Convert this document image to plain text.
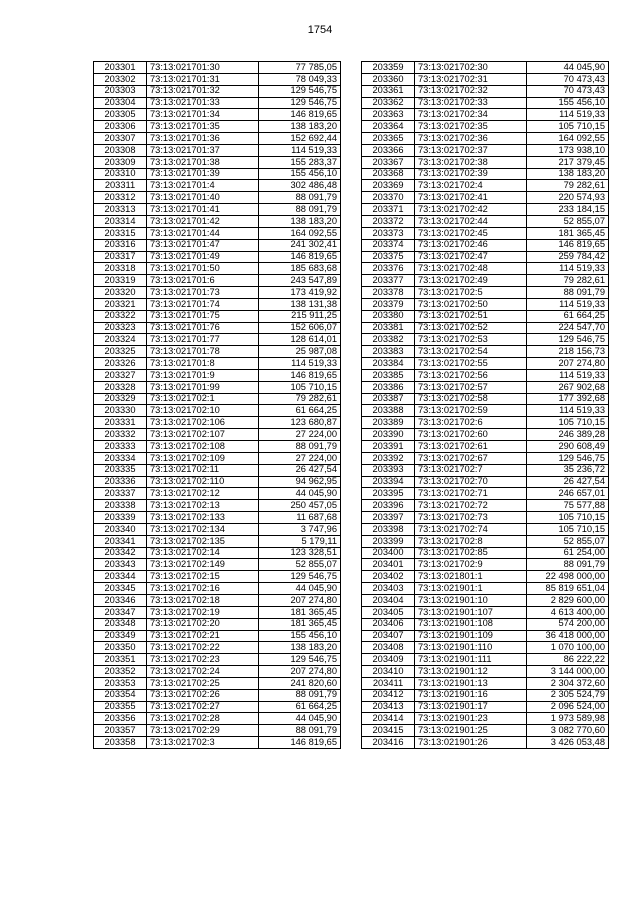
1754
203301	73:13:021701:30	77 785,05
203302	73:13:021701:31	78 049,33
203303	73:13:021701:32	129 546,75
203304	73:13:021701:33	129 546,75
203305	73:13:021701:34	146 819,65
203306	73:13:021701:35	138 183,20
203307	73:13:021701:36	152 692,44
203308	73:13:021701:37	114 519,33
203309	73:13:021701:38	155 283,37
203310	73:13:021701:39	155 456,10
203311	73:13:021701:4	302 486,48
203312	73:13:021701:40	88 091,79
203313	73:13:021701:41	88 091,79
203314	73:13:021701:42	138 183,20
203315	73:13:021701:44	164 092,55
203316	73:13:021701:47	241 302,41
203317	73:13:021701:49	146 819,65
203318	73:13:021701:50	185 683,68
203319	73:13:021701:6	243 547,89
203320	73:13:021701:73	173 419,92
203321	73:13:021701:74	138 131,38
203322	73:13:021701:75	215 911,25
203323	73:13:021701:76	152 606,07
203324	73:13:021701:77	128 614,01
203325	73:13:021701:78	25 987,08
203326	73:13:021701:8	114 519,33
203327	73:13:021701:9	146 819,65
203328	73:13:021701:99	105 710,15
203329	73:13:021702:1	79 282,61
203330	73:13:021702:10	61 664,25
203331	73:13:021702:106	123 680,87
203332	73:13:021702:107	27 224,00
203333	73:13:021702:108	88 091,79
203334	73:13:021702:109	27 224,00
203335	73:13:021702:11	26 427,54
203336	73:13:021702:110	94 962,95
203337	73:13:021702:12	44 045,90
203338	73:13:021702:13	250 457,05
203339	73:13:021702:133	11 687,68
203340	73:13:021702:134	3 747,96
203341	73:13:021702:135	5 179,11
203342	73:13:021702:14	123 328,51
203343	73:13:021702:149	52 855,07
203344	73:13:021702:15	129 546,75
203345	73:13:021702:16	44 045,90
203346	73:13:021702:18	207 274,80
203347	73:13:021702:19	181 365,45
203348	73:13:021702:20	181 365,45
203349	73:13:021702:21	155 456,10
203350	73:13:021702:22	138 183,20
203351	73:13:021702:23	129 546,75
203352	73:13:021702:24	207 274,80
203353	73:13:021702:25	241 820,60
203354	73:13:021702:26	88 091,79
203355	73:13:021702:27	61 664,25
203356	73:13:021702:28	44 045,90
203357	73:13:021702:29	88 091,79
203358	73:13:021702:3	146 819,65
203359	73:13:021702:30	44 045,90
203360	73:13:021702:31	70 473,43
203361	73:13:021702:32	70 473,43
203362	73:13:021702:33	155 456,10
203363	73:13:021702:34	114 519,33
203364	73:13:021702:35	105 710,15
203365	73:13:021702:36	164 092,55
203366	73:13:021702:37	173 938,10
203367	73:13:021702:38	217 379,45
203368	73:13:021702:39	138 183,20
203369	73:13:021702:4	79 282,61
203370	73:13:021702:41	220 574,93
203371	73:13:021702:42	233 184,15
203372	73:13:021702:44	52 855,07
203373	73:13:021702:45	181 365,45
203374	73:13:021702:46	146 819,65
203375	73:13:021702:47	259 784,42
203376	73:13:021702:48	114 519,33
203377	73:13:021702:49	79 282,61
203378	73:13:021702:5	88 091,79
203379	73:13:021702:50	114 519,33
203380	73:13:021702:51	61 664,25
203381	73:13:021702:52	224 547,70
203382	73:13:021702:53	129 546,75
203383	73:13:021702:54	218 156,73
203384	73:13:021702:55	207 274,80
203385	73:13:021702:56	114 519,33
203386	73:13:021702:57	267 902,68
203387	73:13:021702:58	177 392,68
203388	73:13:021702:59	114 519,33
203389	73:13:021702:6	105 710,15
203390	73:13:021702:60	246 389,28
203391	73:13:021702:61	290 608,49
203392	73:13:021702:67	129 546,75
203393	73:13:021702:7	35 236,72
203394	73:13:021702:70	26 427,54
203395	73:13:021702:71	246 657,01
203396	73:13:021702:72	75 577,88
203397	73:13:021702:73	105 710,15
203398	73:13:021702:74	105 710,15
203399	73:13:021702:8	52 855,07
203400	73:13:021702:85	61 254,00
203401	73:13:021702:9	88 091,79
203402	73:13:021801:1	22 498 000,00
203403	73:13:021901:1	85 819 651,04
203404	73:13:021901:10	2 829 600,00
203405	73:13:021901:107	4 613 400,00
203406	73:13:021901:108	574 200,00
203407	73:13:021901:109	36 418 000,00
203408	73:13:021901:110	1 070 100,00
203409	73:13:021901:111	86 222,22
203410	73:13:021901:12	3 144 000,00
203411	73:13:021901:13	2 304 372,60
203412	73:13:021901:16	2 305 524,79
203413	73:13:021901:17	2 096 524,00
203414	73:13:021901:23	1 973 589,98
203415	73:13:021901:25	3 082 770,60
203416	73:13:021901:26	3 426 053,48
